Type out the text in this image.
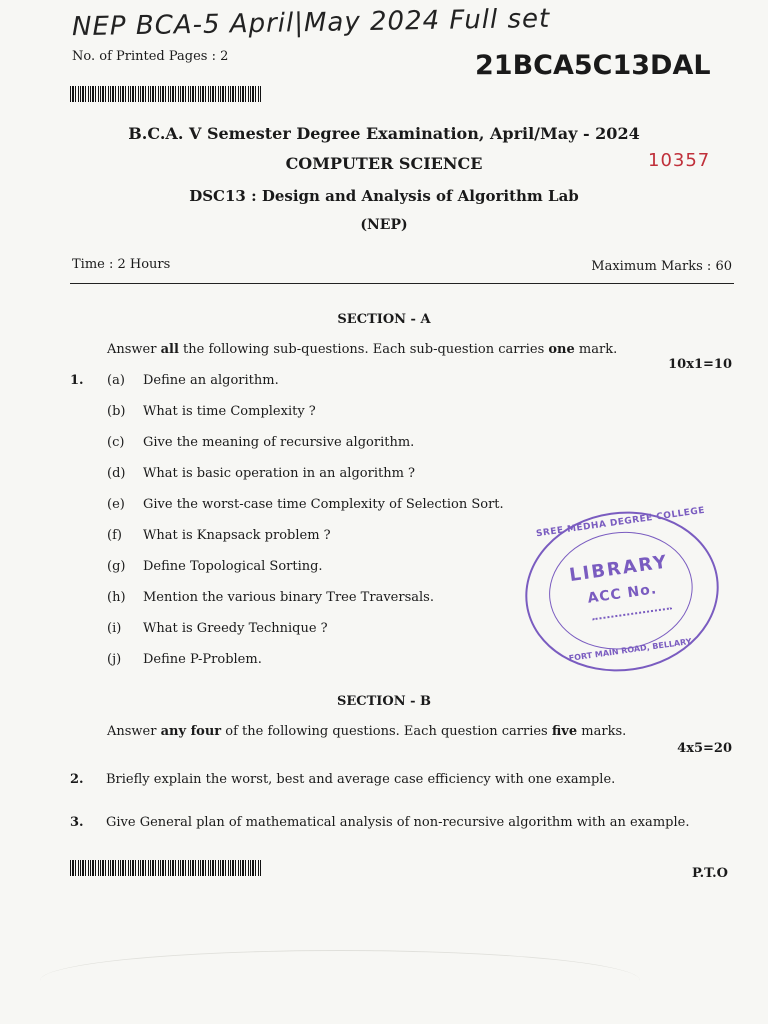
NEP BCA-5 April|May 2024 Full set
No. of Printed Pages : 2	21BCA5C13DAL
B.C.A. V Semester Degree Examination, April/May - 2024
COMPUTER SCIENCE	10357
DSC13 : Design and Analysis of Algorithm Lab
(NEP)
Time : 2 Hours	Maximum Marks : 60
SECTION - A
Answer all the following sub-questions. Each sub-question carries one mark.
10x1=10
1. (a) Define an algorithm.
(b) What is time Complexity ?
(c) Give the meaning of recursive algorithm.
(d) What is basic operation in an algorithm ?
(e) Give the worst-case time Complexity of Selection Sort.
(f) What is Knapsack problem ?
(g) Define Topological Sorting.
(h) Mention the various binary Tree Traversals.
(i) What is Greedy Technique ?
(j) Define P-Problem.
SREE MEDHA DEGREE COLLEGE
LIBRARY
ACC No.
FORT MAIN ROAD, BELLARY
SECTION - B
Answer any four of the following questions. Each question carries five marks.
4x5=20
2. Briefly explain the worst, best and average case efficiency with one example.
3. Give General plan of mathematical analysis of non-recursive algorithm with an example.
P.T.O
